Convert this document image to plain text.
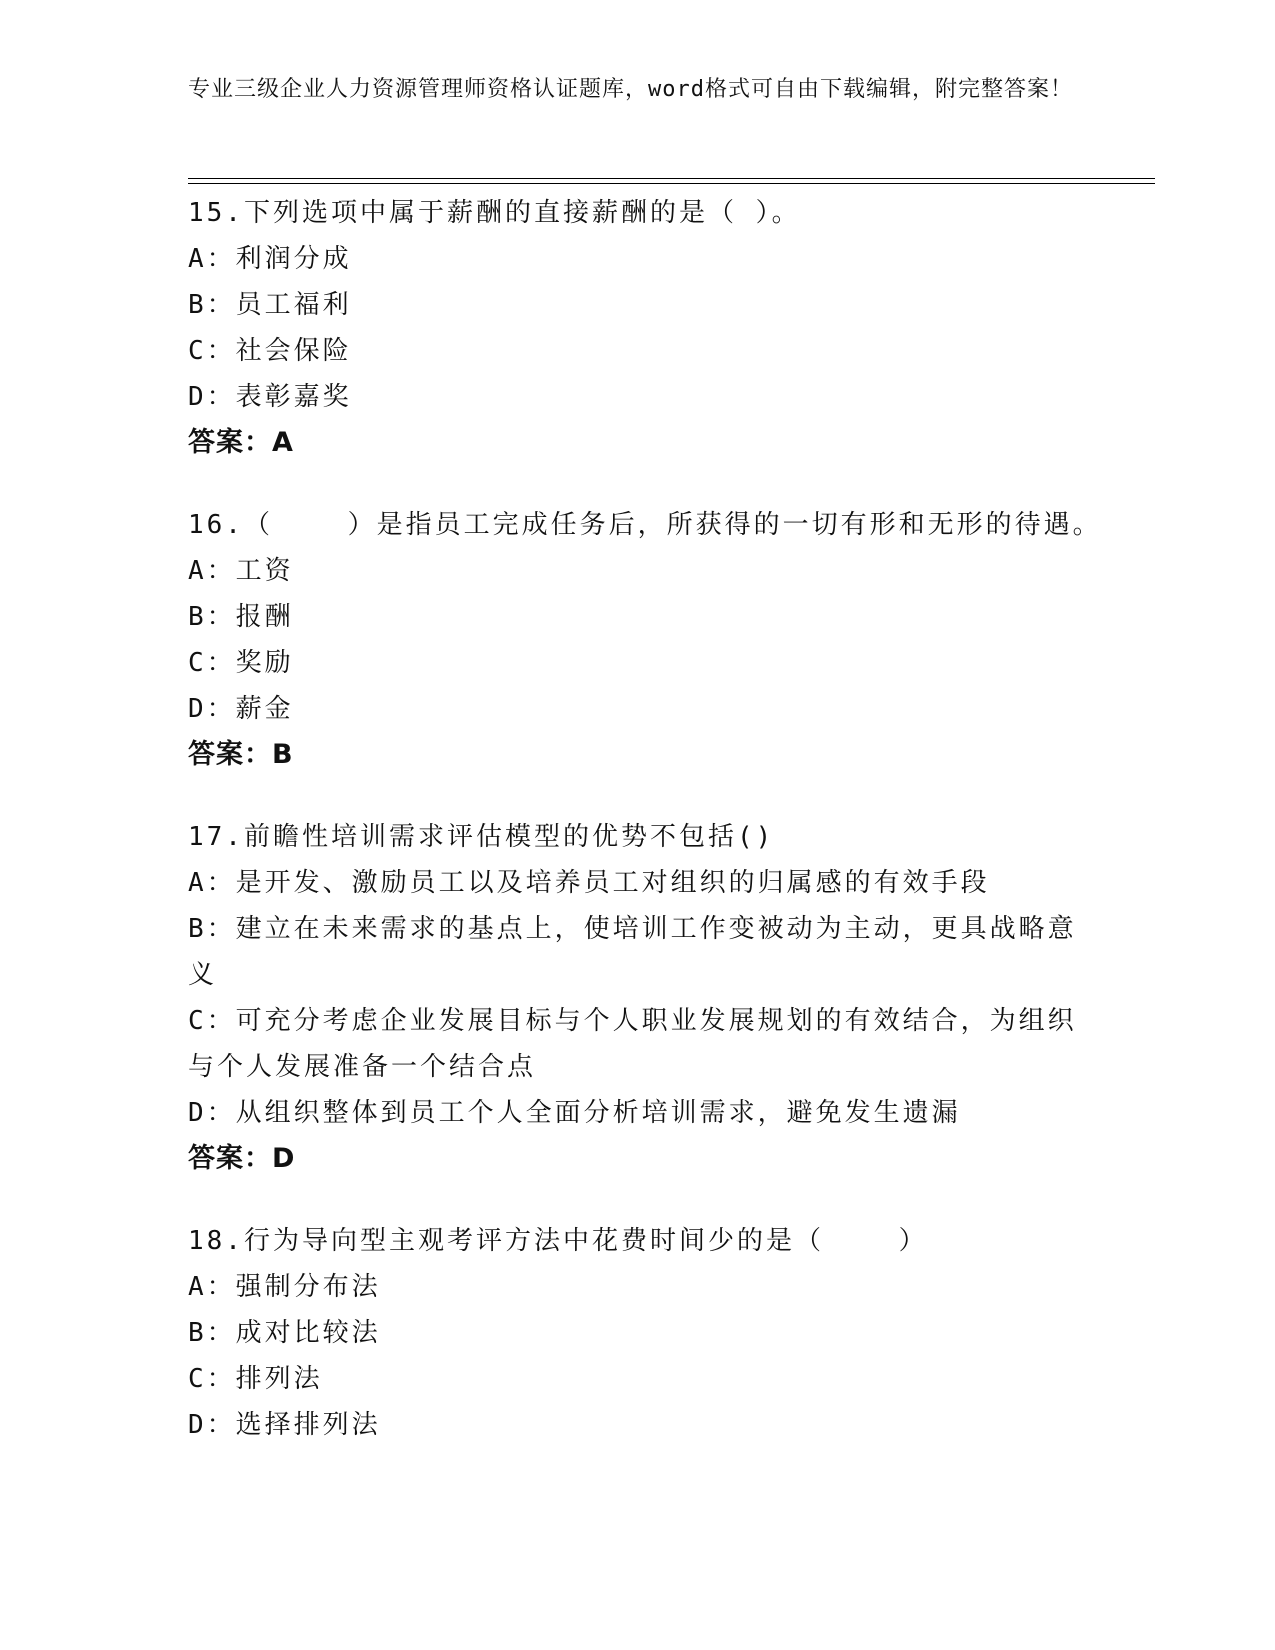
专业三级企业人力资源管理师资格认证题库，word格式可自由下载编辑，附完整答案！
15.下列选项中属于薪酬的直接薪酬的是（ ）。
A：利润分成
B：员工福利
C：社会保险
D：表彰嘉奖
答案：A
16.（    ）是指员工完成任务后，所获得的一切有形和无形的待遇。
A：工资
B：报酬
C：奖励
D：薪金
答案：B
17.前瞻性培训需求评估模型的优势不包括()
A：是开发、激励员工以及培养员工对组织的归属感的有效手段
B：建立在未来需求的基点上，使培训工作变被动为主动，更具战略意义
C：可充分考虑企业发展目标与个人职业发展规划的有效结合，为组织与个人发展准备一个结合点
D：从组织整体到员工个人全面分析培训需求，避免发生遗漏
答案：D
18.行为导向型主观考评方法中花费时间少的是（    ）
A：强制分布法
B：成对比较法
C：排列法
D：选择排列法
